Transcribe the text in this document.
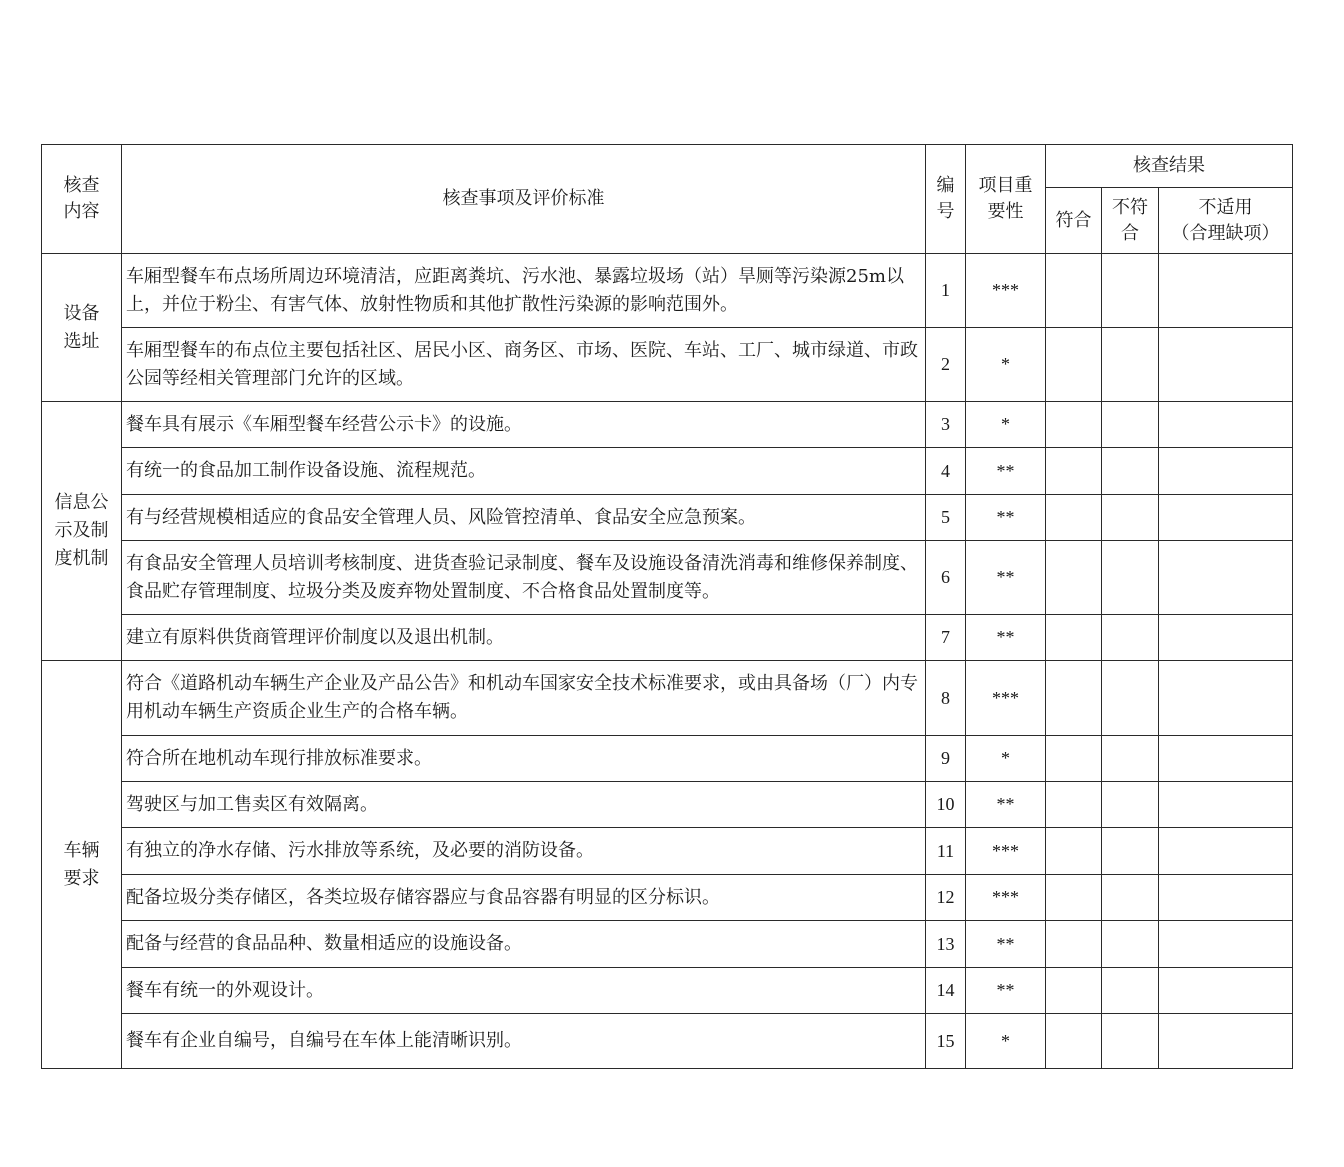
核查内容	核查事项及评价标准	编号	项目重要性	核查结果		
				符合	不符合	不适用
（合理缺项）

设备选址	车厢型餐车布点场所周边环境清洁，应距离粪坑、污水池、暴露垃圾场（站）旱厕等污染源25m以上，并位于粉尘、有害气体、放射性物质和其他扩散性污染源的影响范围外。	1	***			
	车厢型餐车的布点位主要包括社区、居民小区、商务区、市场、医院、车站、工厂、城市绿道、市政公园等经相关管理部门允许的区域。	2	*			
信息公示及制度机制	餐车具有展示《车厢型餐车经营公示卡》的设施。	3	*			
	有统一的食品加工制作设备设施、流程规范。	4	**			
	有与经营规模相适应的食品安全管理人员、风险管控清单、食品安全应急预案。	5	**			
	有食品安全管理人员培训考核制度、进货查验记录制度、餐车及设施设备清洗消毒和维修保养制度、食品贮存管理制度、垃圾分类及废弃物处置制度、不合格食品处置制度等。	6	**			
	建立有原料供货商管理评价制度以及退出机制。	7	**			
车辆要求	符合《道路机动车辆生产企业及产品公告》和机动车国家安全技术标准要求，或由具备场（厂）内专用机动车辆生产资质企业生产的合格车辆。	8	***			
	符合所在地机动车现行排放标准要求。	9	*			
	驾驶区与加工售卖区有效隔离。	10	**			
	有独立的净水存储、污水排放等系统，及必要的消防设备。	11	***			
	配备垃圾分类存储区，各类垃圾存储容器应与食品容器有明显的区分标识。	12	***			
	配备与经营的食品品种、数量相适应的设施设备。	13	**			
	餐车有统一的外观设计。	14	**			
	餐车有企业自编号，自编号在车体上能清晰识别。	15	*			
